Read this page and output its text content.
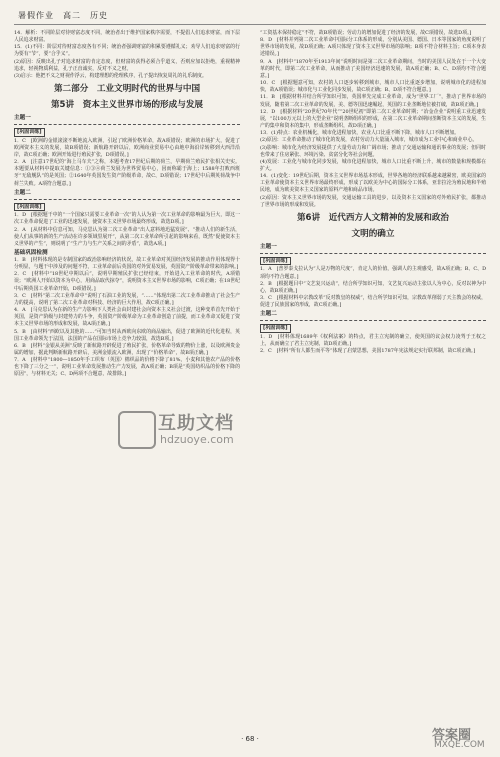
暑假作业　高二　历史

14．解析：不同阶层对待财富态度不同，统治者出于维护国家秩序需要，不提倡人们追求财富，而下层人民追求财富。

15．(1)不同：阶层对待财富态度各有不同；统治者强调财富的积累要遵循礼义；劝导人们追求财富的行为要有“节”，要“合乎义”。

(2)原因：反映出孔子对追求财富的肯定态度，但财富的获得必须合乎道义，否则应加以拒绝，重视精神追求，轻视物质利益，孔子正直诚实，反对不义之财。

(3)启示：他把不义之财视作浮云，构建理想的伦理秩序，孔子提出恢复周礼的礼乐制度。

第二部分　工业文明时代的世界与中国
第5讲　资本主义世界市场的形成与发展
主题一
[巩固训练]

1．C　[欧洲的金银滚滚不断地流入欧洲，引起了欧洲价格革命，故A项错误；欧洲的市场扩大，促进了欧洲资本主义的发展，故B项错误；新航路开辟以后，欧洲商业贸易中心由地中海沿岸转移到大西洋沿岸，故C项正确；欧洲开始进行殖民扩张，D项错误。]

2．A　[注意17世纪的“海上马车夫”之称，本题考查17世纪后期的荷兰，早期荷兰殖民扩张相关史实。本题要从材料中提取关键信息：①③④荷兰发展为世界贸易中心，因而称霸于海上；1588年打败西班牙“无敌舰队”的是英国；②1640年英国发生资产阶级革命，故C、D项错误；17世纪中后期英荷战争中荷兰失败。A项符合题意。]

主题二
[巩固训练]

1．D　[根据题干中的“一个国家只需要工业革命一次”的人认为第一次工业革命的影响最为巨大，即这一次工业革命促进了工业的迅速发展，使资本主义世界市场最终形成，故选D项。]

2．A　[从材料中信息可知，马克思认为第二次工业革命“出人意料地迅猛发展”、“推动人们的新生活，使人们从事的新的生产活动在许多领域里展开”，从第二次工业革命所引起的影响来看，既然“促使资本主义世界的产生”，则说明了“生产力与生产关系之间的矛盾”，故选A项。]

基础巩固检测

1．B　[材料体现的是专制国家的政治影响经济的状况，故工业革命对英国经济发展的推动作用体现得十分明显，与题干中涉及的问题不符，工业革命前后英国的对外贸易发展，英国资产阶级革命带来的影响。]

2．C　[材料中“18世纪中期以后”，说明早期殖民扩张已经结束，开始进入工业革命的时代，A项错误；“欧洲人开始以资本为中心，用商品取代掠夺”，说明资本主义世界市场的影响，C项正确；在18世纪中后期英国工业革命开始，D项错误。]

3．C　[材料“第二次工业革命中”说明了石油工业的发展，“……”体现出第二次工业革命推动了社会生产力的提高，说明了第二次工业革命对科技、经济的巨大作用，故C项正确。]

4．A　[马克思认为在新的生产力影响下人类社会由封建社会向资本主义社会过渡，这种变革首先开始于英国，是资产阶级与封建势力的斗争，英国资产阶级革命为工业革命创造了前提，而工业革命又促进了资本主义世界市场的形成和发展，故A项正确。]

5．B　[由材料“西欧以及其他的……”可知当时从西欧向东欧的商品输出，促进了欧洲的近代化进程，英国工业革命领先于法国，法国的产品在国际市场上竞争力较弱，故选B项。]

6．B　[材料“金银从美洲”反映了新航路开辟促进了殖民扩张，价格革命导致的物价上涨，以及欧洲贵金属的增加，据此判断新航路开辟后，美洲金银流入欧洲，出现了“价格革命”，故B项正确。]

7．A　[材料中“1800—1850年手工织布（英国）棉织品的价格下降了81%，小麦和其他农产品的价格也下降了三分之一”，说明工业革命发展推动生产力发展，故A项正确；B项是“英国纺织品的价格下降的原因”，与材料无关；C、D两项不合题意，故排除。]

“工资基本保持稳定”不符，故B项错误；劳动力的增加促进了经济的发展，故C项错误，故选D项。]

8．D　[材料并列第二次工业革命中国际分工体系的形成，分别从美国、德国、日本等国家的角度说明了世界市场的发展，故D项正确；A项只体现了资本主义世界市场的影响；B项不符合材料主旨；C项本身表述错误。]

9．A　[材料中“1870年至1913年间”说明时间是第二次工业革命期间，当时的美国人民处在于一个大变革的时代，即第二次工业革命，从而推动了美国经济迅速的发展，故A项正确；B、C、D项均不符合题意。]

10．C　[根据题意可知，农村的人口逐步转移到城市，城市人口比重逐步增加，说明城市化的进程加快，故A项错误；城市化与工业化同步发展，故C项正确；B、D项不符合题意。]

11．B　[根据材料并结合所学知识可知，英国率先完成工业革命，成为“世界工厂”，推动了世界市场的发展，随着第二次工业革命的发展，美、德等国迅速崛起，英国的工业垄断地位被打破，故B项正确。]

12．D　[根据材料“20世纪70年代”“20世纪初”即第二次工业革命时期；“冶金企业”说明重工业迅速发展，“以100万元以上的大型企业”说明垄断组织的形成，在第二次工业革命期间垄断资本主义的发展，生产的集中和资本的集中，形成垄断组织，故D项正确。]

13．(1)特点：农业机械化，城市化进程加快，农业人口比重不断下降，城市人口不断增加。

(2)原因：工业革命推动了城市化的发展，农村劳动力大量涌入城市，城市成为工业中心和商业中心。

(3)影响：城市化为经济发展提供了大量劳动力和广阔市场；推动了交通运输和通讯事业的发展；但同时也带来了住房紧张、环境污染、贫富分化等社会问题。

(4)发展：工业化与城市化同步发展，城市化进程加快，城市人口比重不断上升，城市的数量和规模都在扩大。

14．(1)变化：19世纪后期，资本主义世界市场基本形成，世界各地的经济联系越来越紧密，欧美国家的工业革命使资本主义世界市场最终形成，形成了以欧美为中心的国际分工体系，亚非拉沦为殖民地和半殖民地，成为欧美资本主义国家的原料产地和商品市场。

(2)原因：资本主义世界市场的发展，交通运输工具的进步，以及资本主义国家的对外殖民扩张，都推动了世界市场的形成和发展。

第6讲　近代西方人文精神的发展和政治
文明的确立
主题一
[巩固训练]

1．A　[普罗泰戈拉认为“人是万物的尺度”，肯定人的价值，强调人的主观感受，故A项正确；B、C、D项均不符合题意。]

2．B　[根据题目中“文艺复兴运动”，结合所学知识可知，文艺复兴运动主张以人为中心，反对以神为中心，故B项正确。]

3．C　[根据材料中宗教改革“反对教皇的权威”，结合所学知识可知，宗教改革削弱了天主教会的权威，促进了民族国家的形成，故C项正确。]

主题二
[巩固训练]

1．D　[材料体现1689年《权利法案》的特点，君主立宪制的确立，使英国的议会权力凌驾于王权之上，从而确立了君主立宪制，故D项正确。]

2．C　[材料“所有人都生而平等”体现了启蒙思想，美国1787年宪法规定实行联邦制，故C项正确。]

互助文档
hdzuoye.com
· 68 ·	答案圈
MXQE.COM
